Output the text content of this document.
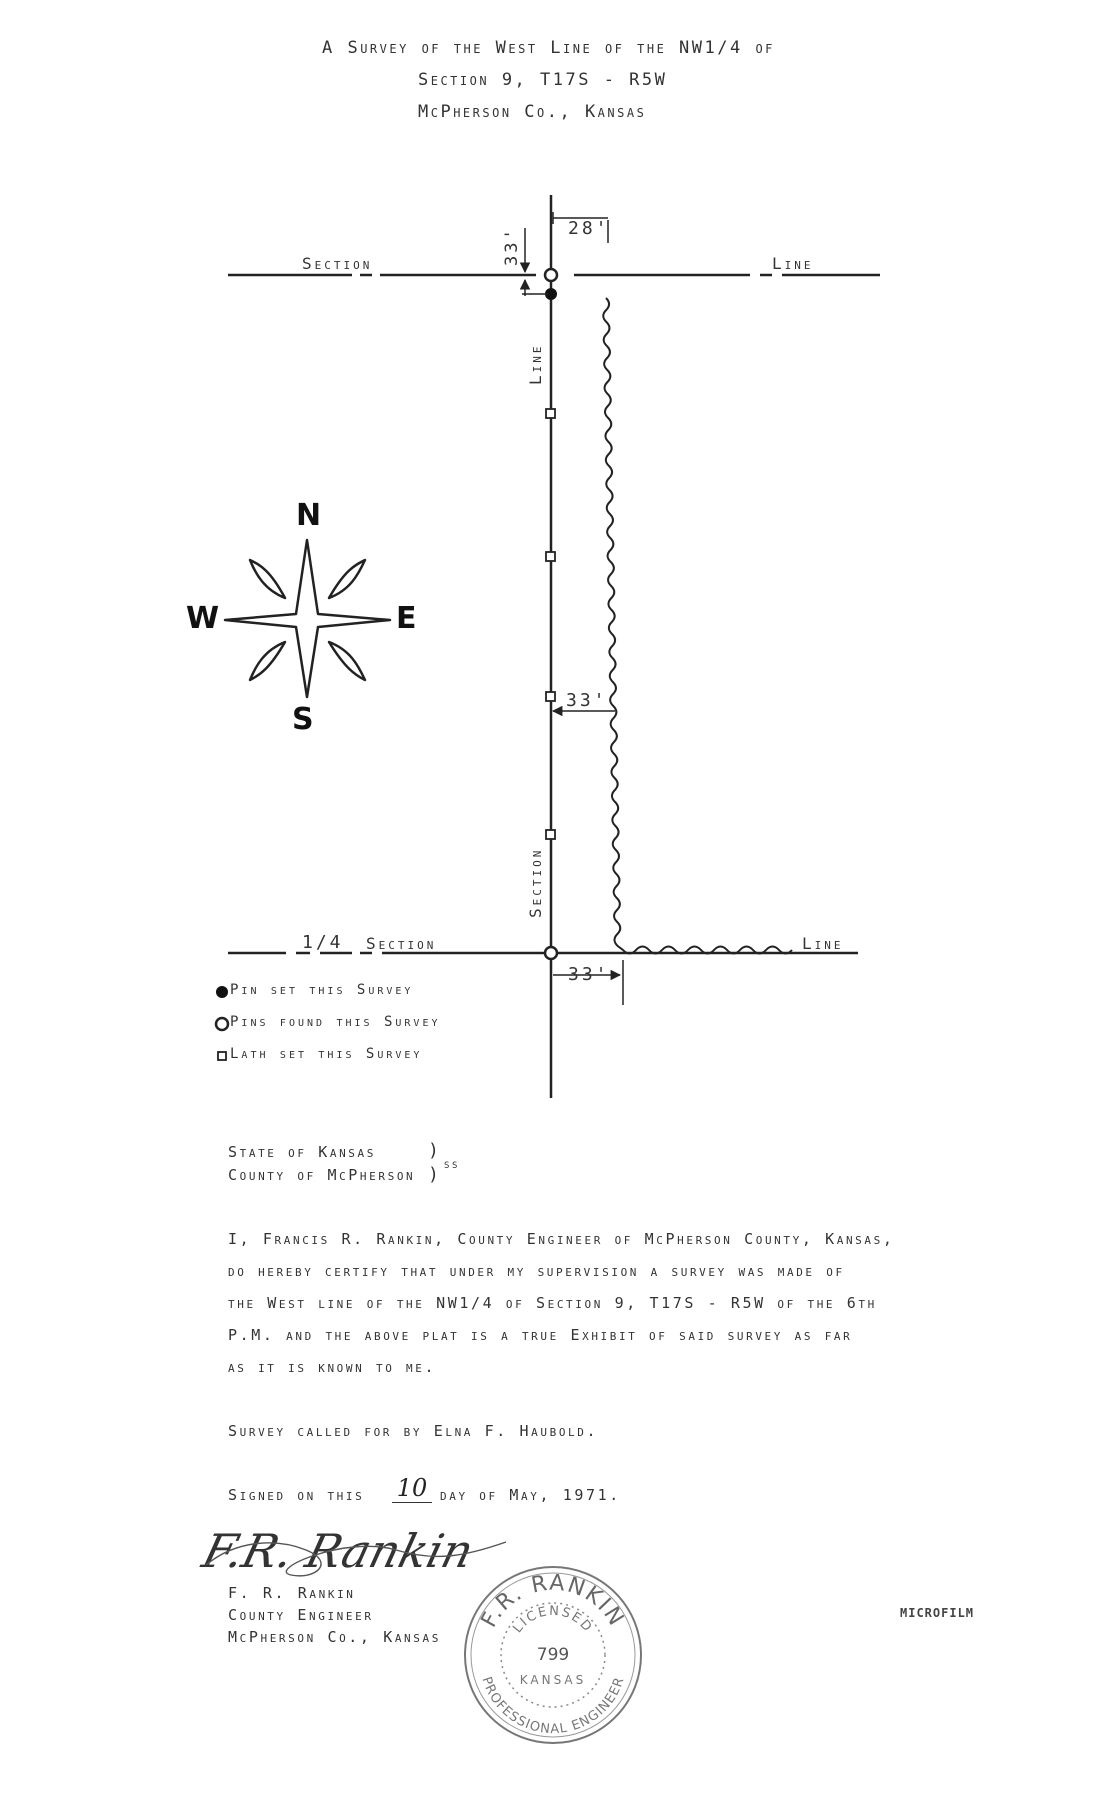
A Survey of the West Line of the NW1/4 of
Section 9, T17S - R5W
McPherson Co., Kansas
Section	Line
Line
Section
1/4 Section	Line
33'	28'
33'
33'
N
S
E
W
Pin set this Survey
Pins found this Survey
Lath set this Survey
State of Kansas
County of McPherson
)
) ss
I, Francis R. Rankin, County Engineer of McPherson County, Kansas,
do hereby certify that under my supervision a survey was made of
the West line of the NW1/4 of Section 9, T17S - R5W of the 6th
P.M. and the above plat is a true Exhibit of said survey as far
as it is known to me.
Survey called for by Elna F. Haubold.
Signed on this 10 day of May, 1971.
F.R. Rankin
F. R. Rankin
County Engineer
McPherson Co., Kansas
F.R. RANKIN
LICENSED
799
KANSAS
PROFESSIONAL ENGINEER
MICROFILM
